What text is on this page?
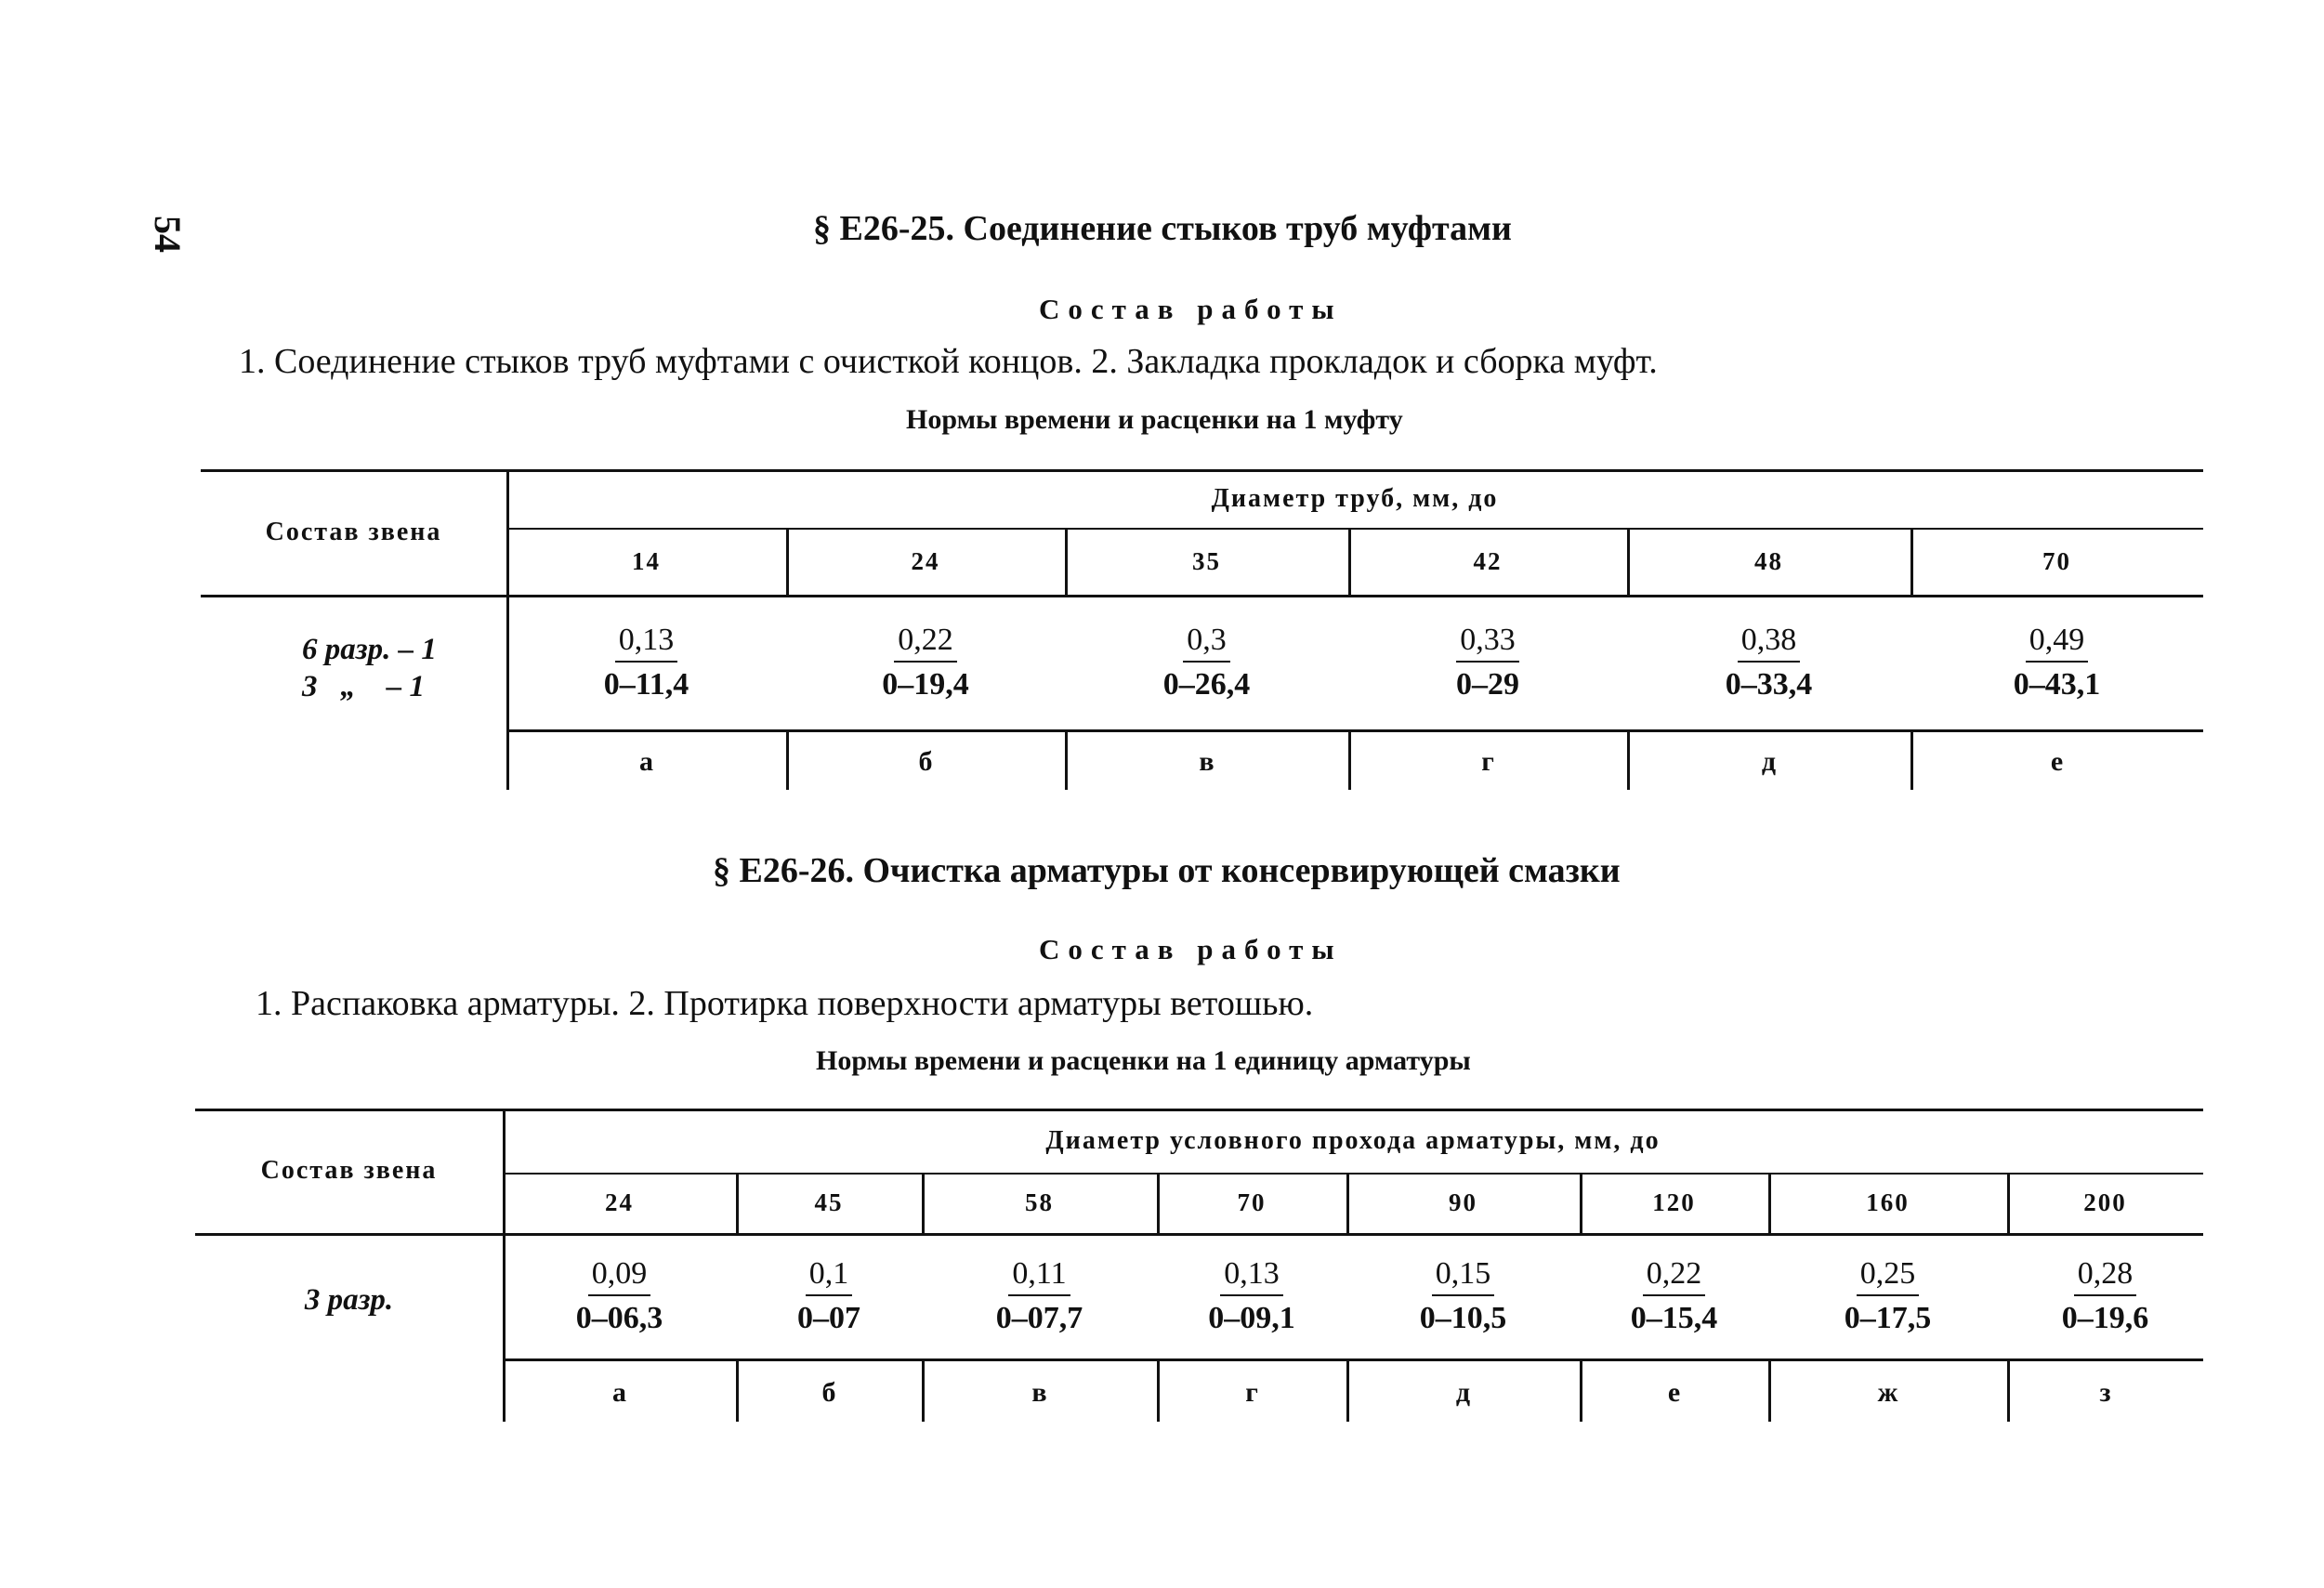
54	§ Е26-25. Соединение стыков труб муфтами
Состав работы
1. Соединение стыков труб муфтами с очисткой концов. 2. Закладка прокладок и сборка муфт.
Нормы времени и расценки на 1 муфту
Состав звена
Диаметр труб, мм, до
14	24	35	42	48	70
6 разр. – 1
3   „    – 1	$\frac{0,13}{0-11,4}$	$\frac{0,22}{0-19,4}$	$\frac{0,3}{0-26,4}$	$\frac{0,33}{0-29}$	$\frac{0,38}{0-33,4}$	$\frac{0,49}{0-43,1}$
а	б	в	г	д	е
§ Е26-26. Очистка арматуры от консервирующей смазки
Состав работы
1. Распаковка арматуры. 2. Протирка поверхности арматуры ветошью.
Нормы времени и расценки на 1 единицу арматуры
Состав звена
Диаметр условного прохода арматуры, мм, до
24	45	58	70	90	120	160	200
3 разр.	$\frac{0,09}{0-06,3}$	$\frac{0,1}{0-07}$	$\frac{0,11}{0-07,7}$	$\frac{0,13}{0-09,1}$	$\frac{0,15}{0-10,5}$	$\frac{0,22}{0-15,4}$	$\frac{0,25}{0-17,5}$	$\frac{0,28}{0-19,6}$
а	б	в	г	д	е	ж	з
